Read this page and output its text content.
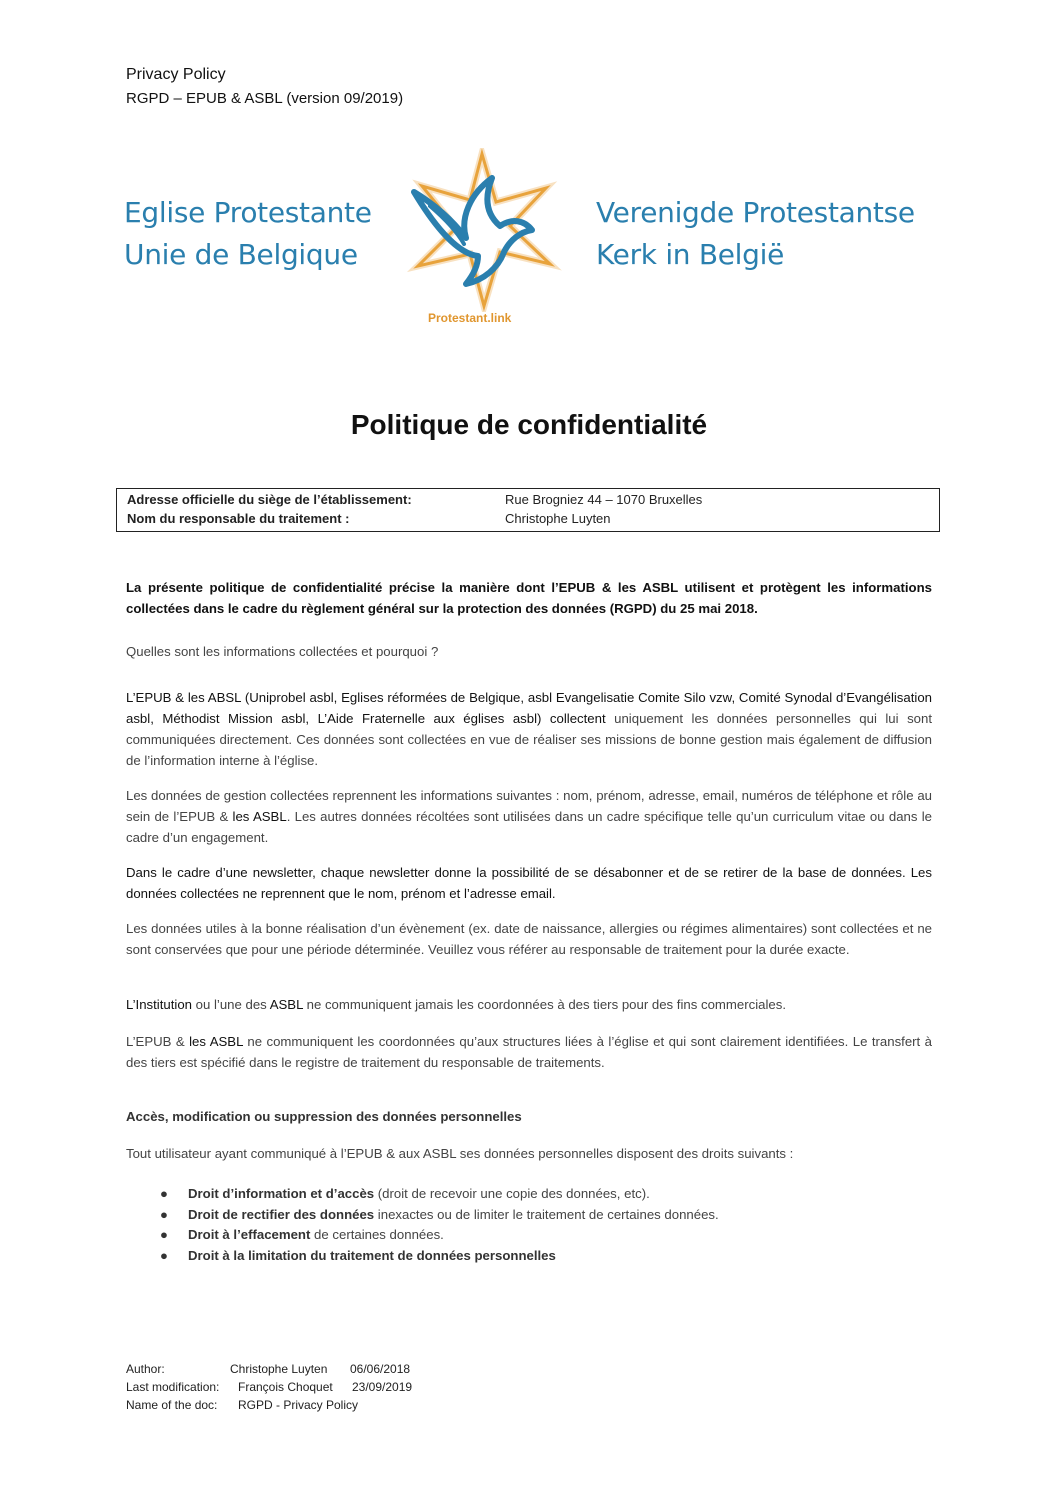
Privacy Policy
RGPD – EPUB & ASBL (version 09/2019)
Eglise Protestante
Unie de Belgique
Protestant.link
Verenigde Protestantse
Kerk in België
Politique de confidentialité
Adresse officielle du siège de l’établissement:	Rue Brogniez 44 – 1070 Bruxelles
Nom du responsable du traitement :	Christophe Luyten
La présente politique de confidentialité précise la manière dont l’EPUB & les ASBL utilisent et protègent les informations collectées dans le cadre du règlement général sur la protection des données (RGPD) du 25 mai 2018.
Quelles sont les informations collectées et pourquoi ?
L’EPUB & les ABSL (Uniprobel asbl, Eglises réformées de Belgique, asbl Evangelisatie Comite Silo vzw, Comité Synodal d’Evangélisation asbl, Méthodist Mission asbl, L’Aide Fraternelle aux églises asbl) collectent uniquement les données personnelles qui lui sont communiquées directement. Ces données sont collectées en vue de réaliser ses missions de bonne gestion mais également de diffusion de l’information interne à l’église.
Les données de gestion collectées reprennent les informations suivantes : nom, prénom, adresse, email, numéros de téléphone et rôle au sein de l’EPUB & les ASBL. Les autres données récoltées sont utilisées dans un cadre spécifique telle qu’un curriculum vitae ou dans le cadre d’un engagement.
Dans le cadre d’une newsletter, chaque newsletter donne la possibilité de se désabonner et de se retirer de la base de données. Les données collectées ne reprennent que le nom, prénom et l’adresse email.
Les données utiles à la bonne réalisation d’un évènement (ex. date de naissance, allergies ou régimes alimentaires) sont collectées et ne sont conservées que pour une période déterminée. Veuillez vous référer au responsable de traitement pour la durée exacte.
L’Institution ou l’une des ASBL ne communiquent jamais les coordonnées à des tiers pour des fins commerciales.
L’EPUB & les ASBL ne communiquent les coordonnées qu’aux structures liées à l’église et qui sont clairement identifiées. Le transfert à des tiers est spécifié dans le registre de traitement du responsable de traitements.
Accès, modification ou suppression des données personnelles
Tout utilisateur ayant communiqué à l’EPUB & aux ASBL ses données personnelles disposent des droits suivants :
● Droit d’information et d’accès (droit de recevoir une copie des données, etc).
● Droit de rectifier des données inexactes ou de limiter le traitement de certaines données.
● Droit à l’effacement de certaines données.
● Droit à la limitation du traitement de données personnelles
Author:	Christophe Luyten 06/06/2018
Last modification: François Choquet 23/09/2019
Name of the doc: RGPD - Privacy Policy
